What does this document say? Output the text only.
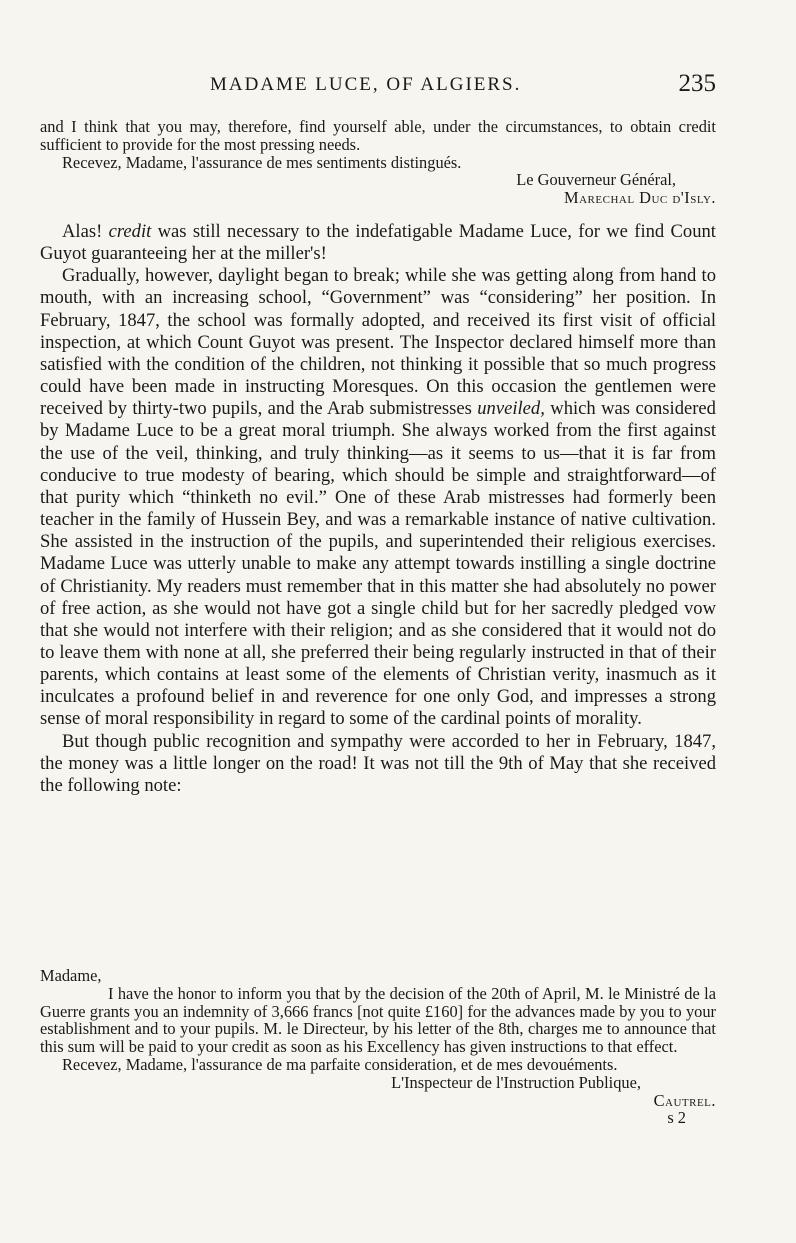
MADAME LUCE, OF ALGIERS.	235

and I think that you may, therefore, find yourself able, under the circumstances, to obtain credit sufficient to provide for the most pressing needs.

Recevez, Madame, l'assurance de mes sentiments distingués.

Le Gouverneur Général,

Marechal Duc d'Isly.

Alas! credit was still necessary to the indefatigable Madame Luce, for we find Count Guyot guaranteeing her at the miller's!

Gradually, however, daylight began to break; while she was getting along from hand to mouth, with an increasing school, “Government” was “considering” her position. In February, 1847, the school was formally adopted, and received its first visit of official inspection, at which Count Guyot was present. The Inspector declared himself more than satisfied with the condition of the children, not thinking it possible that so much progress could have been made in instructing Moresques. On this occasion the gentlemen were received by thirty-two pupils, and the Arab submistresses unveiled, which was considered by Madame Luce to be a great moral triumph. She always worked from the first against the use of the veil, thinking, and truly thinking—as it seems to us—that it is far from conducive to true modesty of bearing, which should be simple and straightforward—of that purity which “thinketh no evil.” One of these Arab mistresses had formerly been teacher in the family of Hussein Bey, and was a remarkable instance of native cultivation. She assisted in the instruction of the pupils, and superintended their religious exercises. Madame Luce was utterly unable to make any attempt towards instilling a single doctrine of Christianity. My readers must remember that in this matter she had absolutely no power of free action, as she would not have got a single child but for her sacredly pledged vow that she would not interfere with their religion; and as she considered that it would not do to leave them with none at all, she preferred their being regularly instructed in that of their parents, which contains at least some of the elements of Christian verity, inasmuch as it inculcates a profound belief in and reverence for one only God, and impresses a strong sense of moral responsibility in regard to some of the cardinal points of morality.

But though public recognition and sympathy were accorded to her in February, 1847, the money was a little longer on the road! It was not till the 9th of May that she received the following note:

Madame,

I have the honor to inform you that by the decision of the 20th of April, M. le Ministré de la Guerre grants you an indemnity of 3,666 francs [not quite £160] for the advances made by you to your establishment and to your pupils. M. le Directeur, by his letter of the 8th, charges me to announce that this sum will be paid to your credit as soon as his Excellency has given instructions to that effect.

Recevez, Madame, l'assurance de ma parfaite consideration, et de mes devouéments.

L'Inspecteur de l'Instruction Publique,

Cautrel.

s 2
